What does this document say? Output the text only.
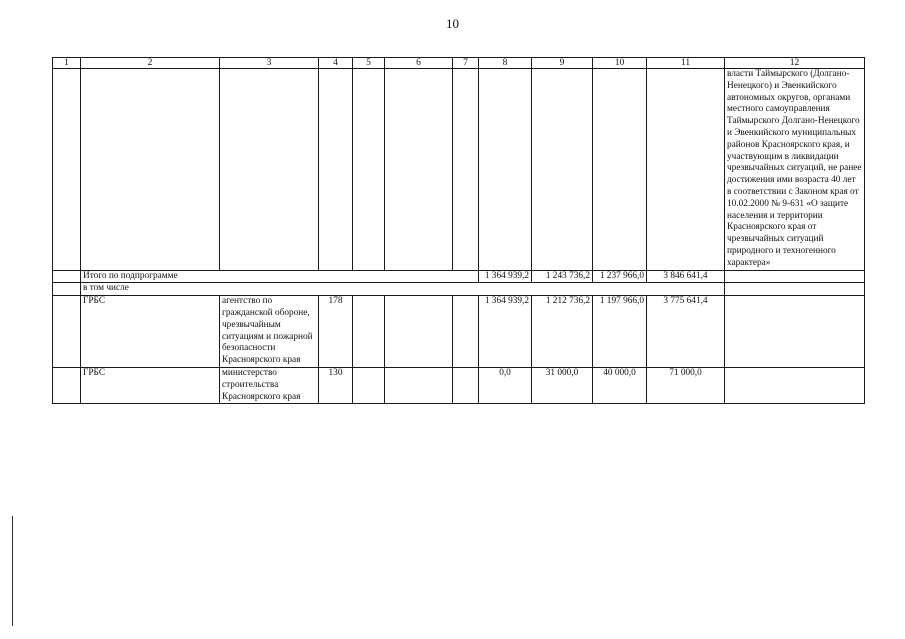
10
1	2	3	4	5	6	7	8	9	10	11	12

											власти Таймырского (Долгано-Ненецкого) и Эвенкийского автономных округов, органами местного самоуправления Таймырского Долгано-Ненецкого и Эвенкийского муниципальных районов Красноярского края, и участвующим в ликвидации чрезвычайных ситуаций, не ранее достижения ими возраста 40 лет в соответствии с Законом края от 10.02.2000 № 9-631 «О защите населения и территории Красноярского края от чрезвычайных ситуаций природного и техногенного характера»

	Итого по подпрограмме						1 364 939,2	1 243 736,2	1 237 966,0	3 846 641,4	
	в том числе										
	ГРБС	агентство по гражданской обороне, чрезвычайным ситуациям и пожарной безопасности Красноярского края	178				1 364 939,2	1 212 736,2	1 197 966,0	3 775 641,4	
	ГРБС	министерство строительства Красноярского края	130				0,0	31 000,0	40 000,0	71 000,0	
